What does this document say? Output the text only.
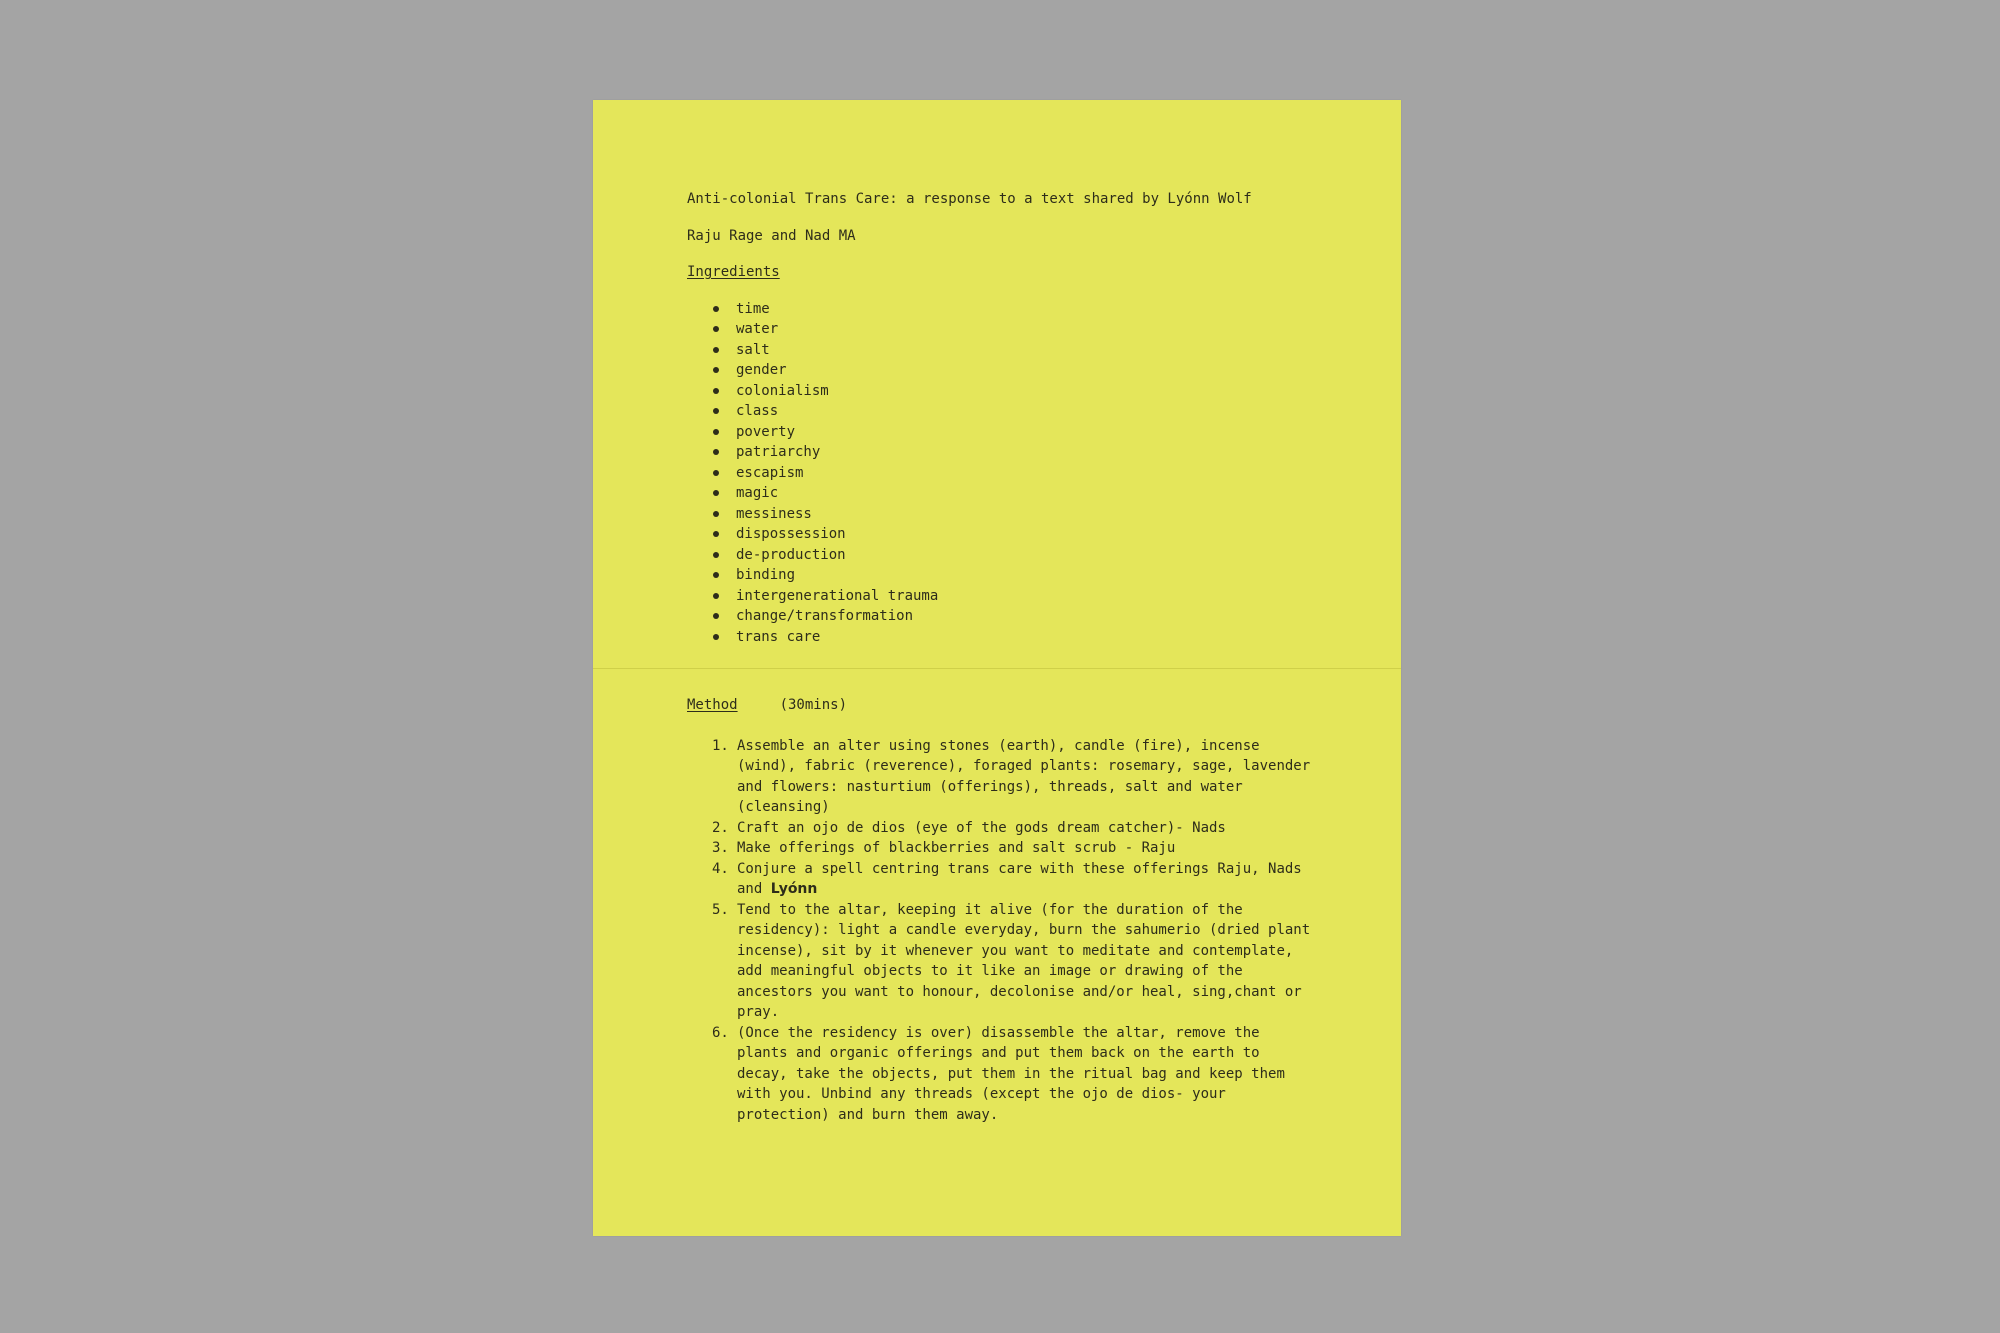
Anti-colonial Trans Care: a response to a text shared by Lyónn Wolf

Raju Rage and Nad MA

Ingredients

time
water
salt
gender
colonialism
class
poverty
patriarchy
escapism
magic
messiness
dispossession
de-production
binding
intergenerational trauma
change/transformation
trans care

Method	(30mins)

1. Assemble an alter using stones (earth), candle (fire), incense (wind), fabric (reverence), foraged plants: rosemary, sage, lavender and flowers: nasturtium (offerings), threads, salt and water (cleansing)
2. Craft an ojo de dios (eye of the gods dream catcher)- Nads
3. Make offerings of blackberries and salt scrub - Raju
4. Conjure a spell centring trans care with these offerings Raju, Nads and Lyónn
5. Tend to the altar, keeping it alive (for the duration of the residency): light a candle everyday, burn the sahumerio (dried plant incense), sit by it whenever you want to meditate and contemplate, add meaningful objects to it like an image or drawing of the ancestors you want to honour, decolonise and/or heal, sing,chant or pray.
6. (Once the residency is over) disassemble the altar, remove the plants and organic offerings and put them back on the earth to decay, take the objects, put them in the ritual bag and keep them with you. Unbind any threads (except the ojo de dios- your protection) and burn them away.
